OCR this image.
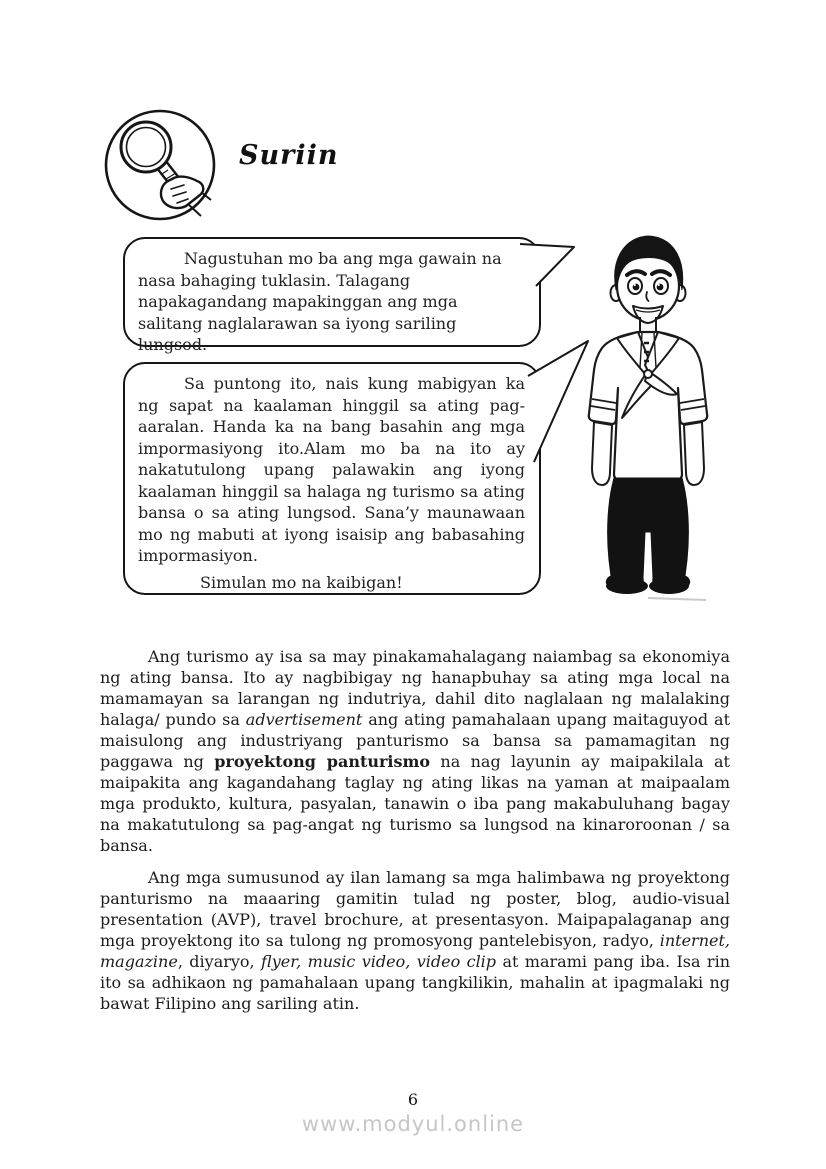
Suriin

Nagustuhan mo ba ang mga gawain na nasa bahaging tuklasin. Talagang napakagandang mapakinggan ang mga salitang naglalarawan sa iyong sariling lungsod.

Sa puntong ito, nais kung mabigyan ka ng sapat na kaalaman hinggil sa ating pag-aaralan. Handa ka na bang basahin ang mga impormasiyong ito.Alam mo ba na ito ay nakatutulong upang palawakin ang iyong kaalaman hinggil sa halaga ng turismo sa ating bansa o sa ating lungsod. Sana’y maunawaan mo ng mabuti at iyong isaisip ang babasahing impormasiyon.

Simulan mo na kaibigan!

Ang turismo ay isa sa may pinakamahalagang naiambag sa ekonomiya ng ating bansa. Ito ay nagbibigay ng hanapbuhay sa ating mga local na mamamayan sa larangan ng indutriya, dahil dito naglalaan ng malalaking halaga/ pundo sa advertisement ang ating pamahalaan upang maitaguyod at maisulong ang industriyang panturismo sa bansa sa pamamagitan ng paggawa ng proyektong panturismo na nag layunin ay maipakilala at maipakita ang kagandahang taglay ng ating likas na yaman at maipaalam mga produkto, kultura, pasyalan, tanawin o iba pang makabuluhang bagay na makatutulong sa pag-angat ng turismo sa lungsod na kinaroroonan / sa bansa.

Ang mga sumusunod ay ilan lamang sa mga halimbawa ng proyektong panturismo na maaaring gamitin tulad ng poster, blog, audio-visual presentation (AVP), travel brochure, at presentasyon. Maipapalaganap ang mga proyektong ito sa tulong ng promosyong pantelebisyon, radyo, internet, magazine, diyaryo, flyer, music video, video clip at marami pang iba. Isa rin ito sa adhikaon ng pamahalaan upang tangkilikin, mahalin at ipagmalaki ng bawat Filipino ang sariling atin.

6
www.modyul.online
